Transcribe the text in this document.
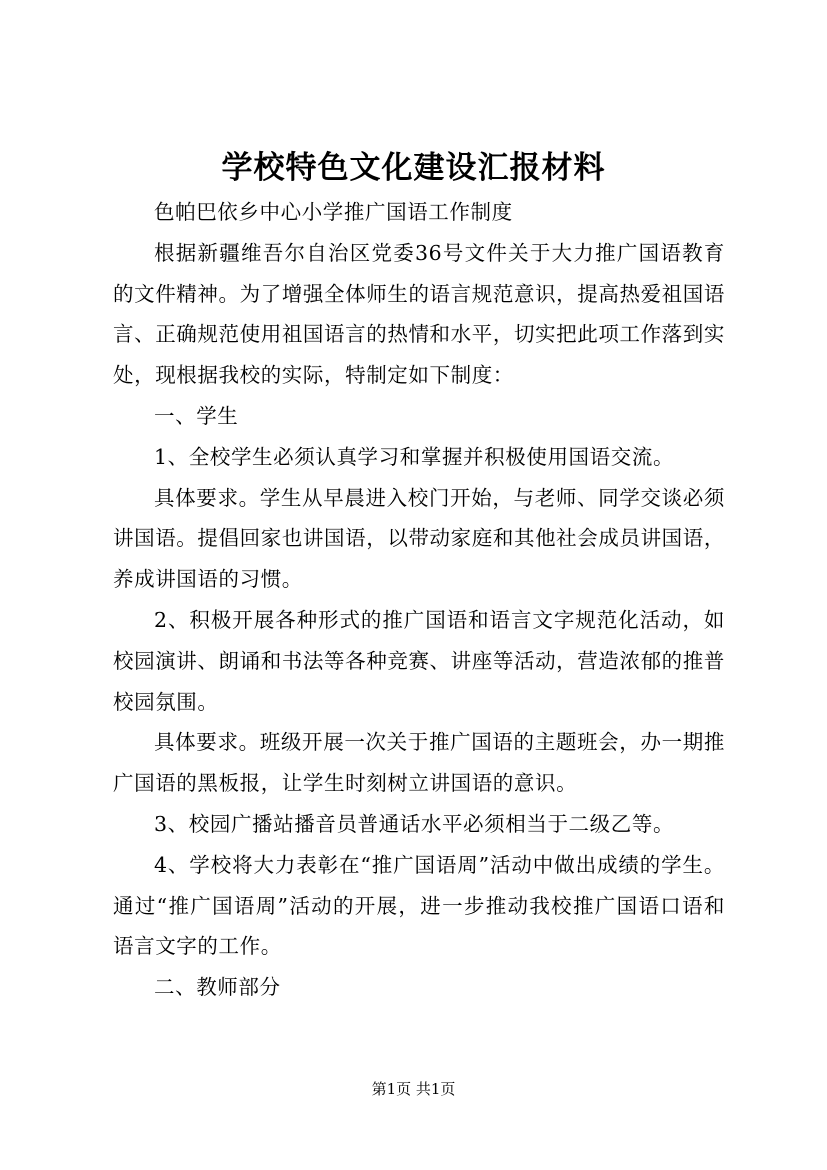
学校特色文化建设汇报材料

色帕巴依乡中心小学推广国语工作制度

根据新疆维吾尔自治区党委36号文件关于大力推广国语教育的文件精神。为了增强全体师生的语言规范意识，提高热爱祖国语言、正确规范使用祖国语言的热情和水平，切实把此项工作落到实处，现根据我校的实际，特制定如下制度：

一、学生

1、全校学生必须认真学习和掌握并积极使用国语交流。

具体要求。学生从早晨进入校门开始，与老师、同学交谈必须讲国语。提倡回家也讲国语，以带动家庭和其他社会成员讲国语，养成讲国语的习惯。

2、积极开展各种形式的推广国语和语言文字规范化活动，如校园演讲、朗诵和书法等各种竞赛、讲座等活动，营造浓郁的推普校园氛围。

具体要求。班级开展一次关于推广国语的主题班会，办一期推广国语的黑板报，让学生时刻树立讲国语的意识。

3、校园广播站播音员普通话水平必须相当于二级乙等。

4、学校将大力表彰在“推广国语周”活动中做出成绩的学生。通过“推广国语周”活动的开展，进一步推动我校推广国语口语和语言文字的工作。

二、教师部分

第1页 共1页
